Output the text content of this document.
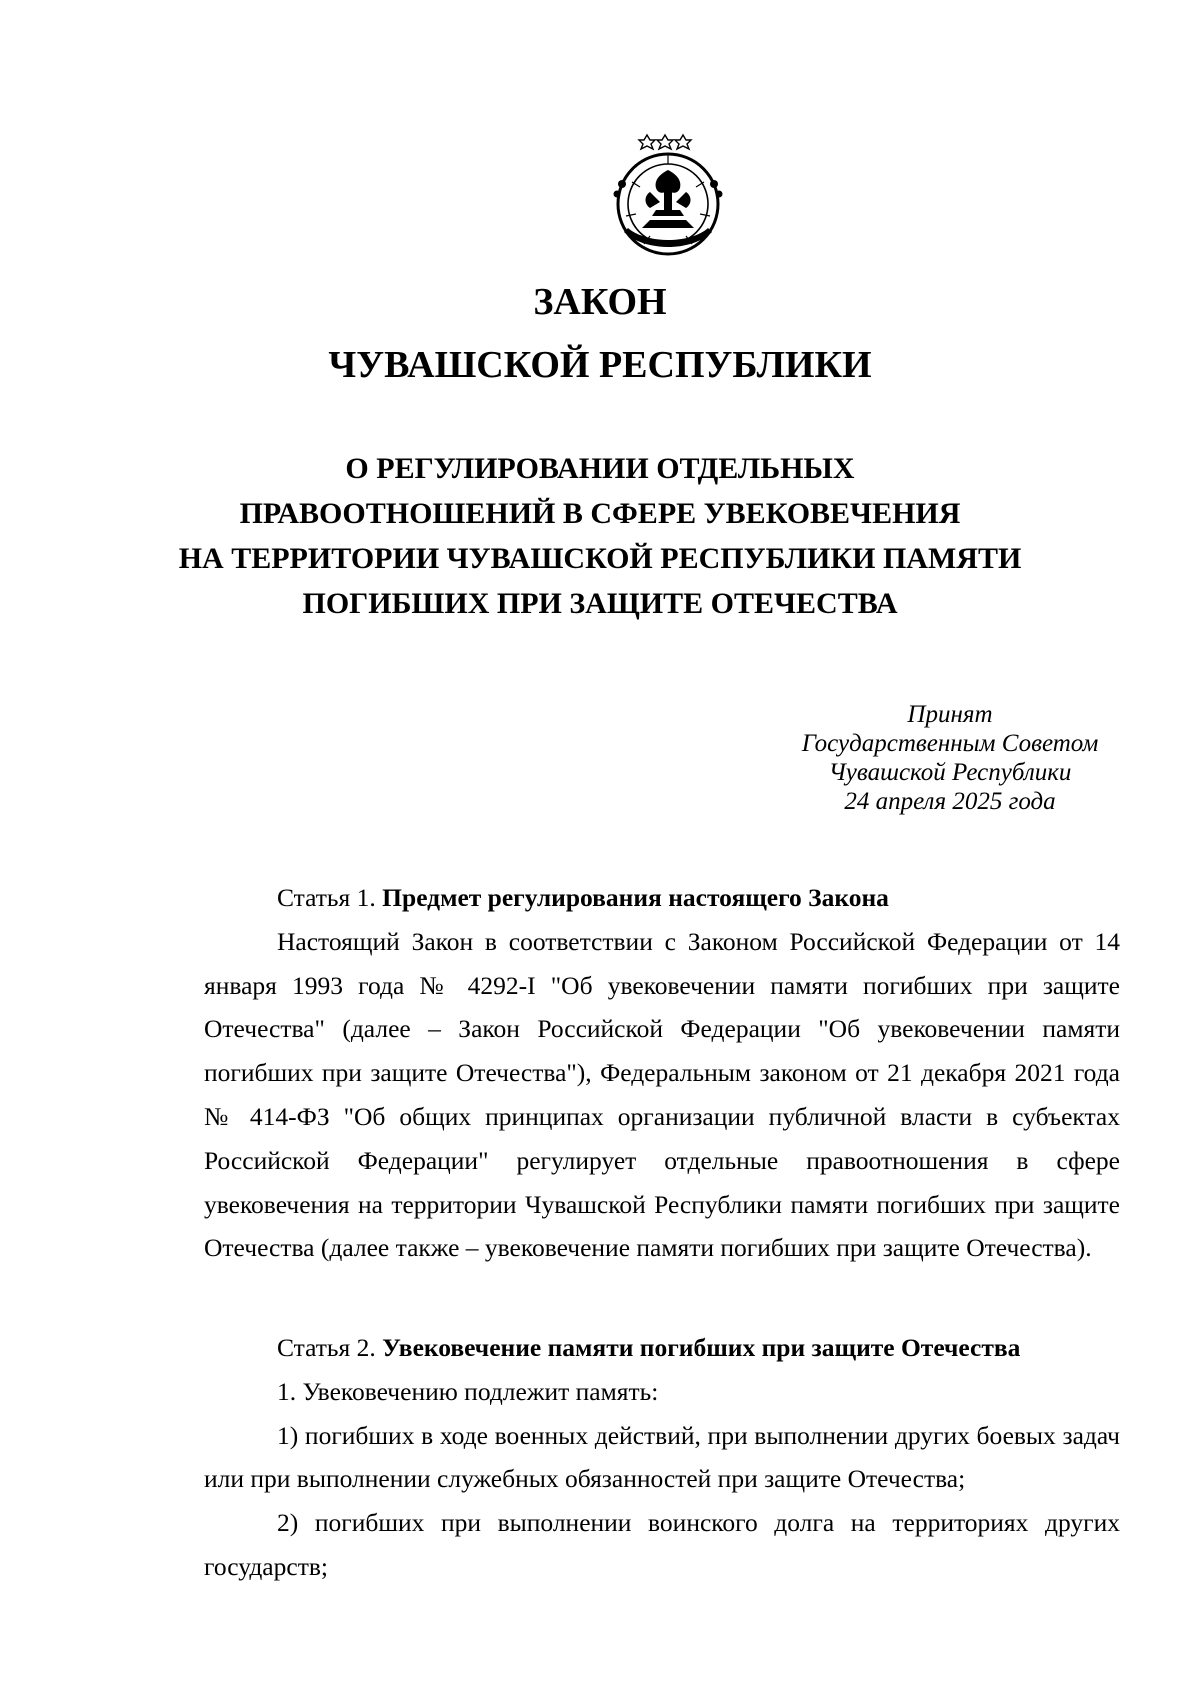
ЗАКОН
ЧУВАШСКОЙ РЕСПУБЛИКИ
О РЕГУЛИРОВАНИИ ОТДЕЛЬНЫХ
ПРАВООТНОШЕНИЙ В СФЕРЕ УВЕКОВЕЧЕНИЯ
НА ТЕРРИТОРИИ ЧУВАШСКОЙ РЕСПУБЛИКИ ПАМЯТИ
ПОГИБШИХ ПРИ ЗАЩИТЕ ОТЕЧЕСТВА
Принят
Государственным Советом
Чувашской Республики
24 апреля 2025 года

Статья 1. Предмет регулирования настоящего Закона

Настоящий Закон в соответствии с Законом Российской Федерации от 14 января 1993 года № 4292-I "Об увековечении памяти погибших при защите Отечества" (далее – Закон Российской Федерации "Об увековечении памяти погибших при защите Отечества"), Федеральным законом от 21 декабря 2021 года № 414-ФЗ "Об общих принципах организации публичной власти в субъектах Российской Федерации" регулирует отдельные правоотношения в сфере увековечения на территории Чувашской Республики памяти погибших при защите Отечества (далее также – увековечение памяти погибших при защите Отечества).

Статья 2. Увековечение памяти погибших при защите Отечества

1. Увековечению подлежит память:

1) погибших в ходе военных действий, при выполнении других боевых задач или при выполнении служебных обязанностей при защите Отечества;

2) погибших при выполнении воинского долга на территориях других государств;
